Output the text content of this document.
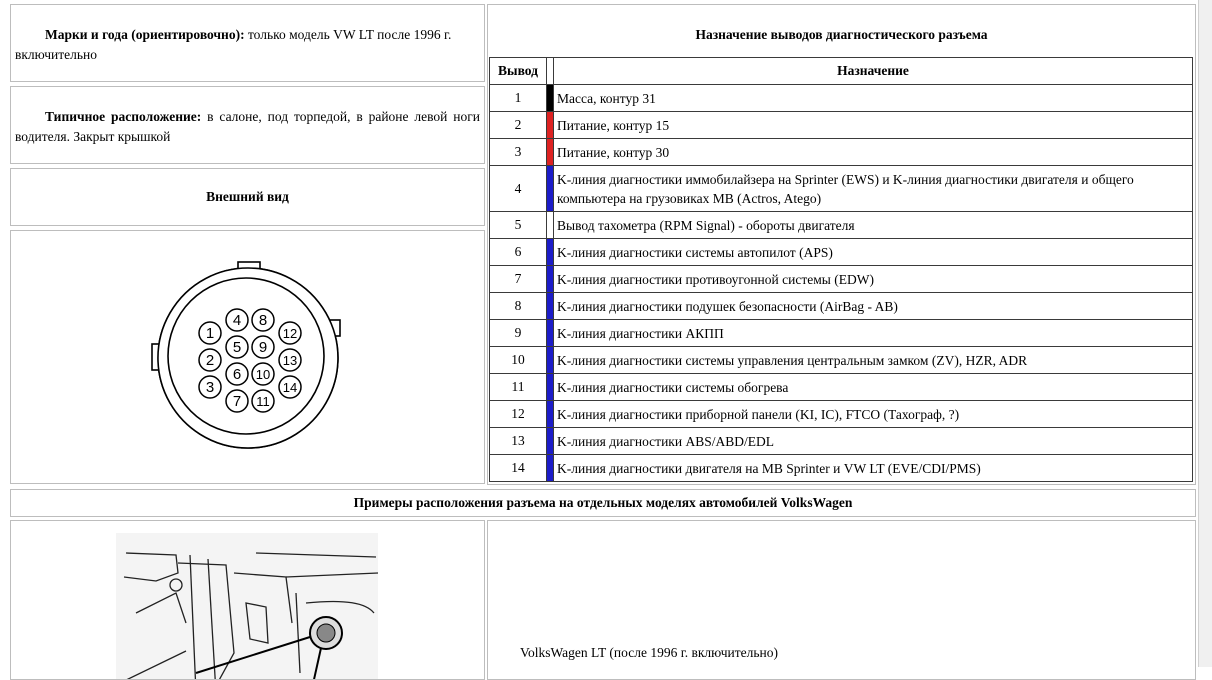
Марки и года (ориентировочно): только модель VW LT после 1996 г. включительно
Типичное расположение: в салоне, под торпедой, в районе левой ноги водителя. Закрыт крышкой
Внешний вид
1
2
3
4
5
6
7
8
9
10
11
12
13
14
Назначение выводов диагностического разъема
Вывод		Назначение
1		Масса, контур 31
2		Питание, контур 15
3		Питание, контур 30
4		K-линия диагностики иммобилайзера на Sprinter (EWS) и K-линия диагностики двигателя и общего компьютера на грузовиках MB (Actros, Atego)
5		Вывод тахометра (RPM Signal) - обороты двигателя
6		K-линия диагностики системы автопилот (APS)
7		K-линия диагностики противоугонной системы (EDW)
8		K-линия диагностики подушек безопасности (AirBag - AB)
9		K-линия диагностики АКПП
10		K-линия диагностики системы управления центральным замком (ZV), HZR, ADR
11		K-линия диагностики системы обогрева
12		K-линия диагностики приборной панели (KI, IC), FTCO (Тахограф, ?)
13		K-линия диагностики ABS/ABD/EDL
14		K-линия диагностики двигателя на MB Sprinter и VW LT (EVE/CDI/PMS)
Примеры расположения разъема на отдельных моделях автомобилей VolksWagen
VolksWagen LT (после 1996 г. включительно)
